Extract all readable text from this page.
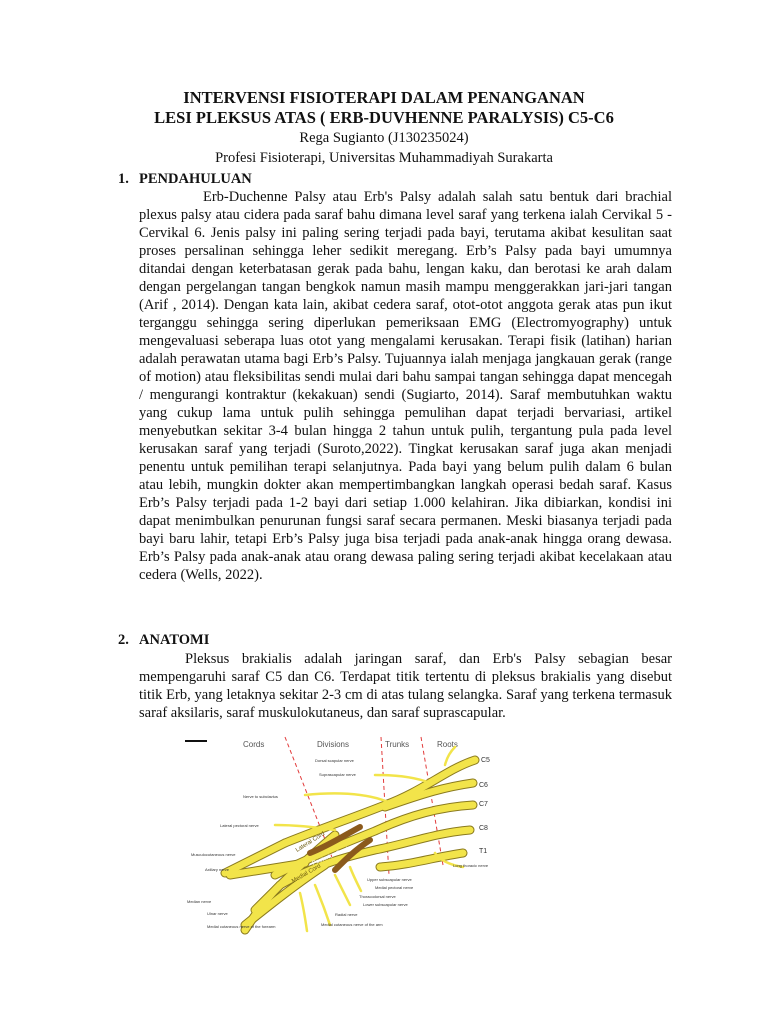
INTERVENSI FISIOTERAPI DALAM PENANGANAN

LESI PLEKSUS ATAS ( ERB-DUVHENNE PARALYSIS) C5-C6

Rega Sugianto (J130235024)

Profesi Fisioterapi, Universitas Muhammadiyah Surakarta

1. PENDAHULUAN

Erb-Duchenne Palsy atau Erb's Palsy adalah salah satu bentuk dari brachial plexus palsy atau cidera pada saraf bahu dimana level saraf yang terkena ialah Cervikal 5 - Cervikal 6. Jenis palsy ini paling sering terjadi pada bayi, terutama akibat kesulitan saat proses persalinan sehingga leher sedikit meregang. Erb’s Palsy pada bayi umumnya ditandai dengan keterbatasan gerak pada bahu, lengan kaku, dan berotasi ke arah dalam dengan pergelangan tangan bengkok namun masih mampu menggerakkan jari-jari tangan (Arif , 2014). Dengan kata lain, akibat cedera saraf, otot-otot anggota gerak atas pun ikut terganggu sehingga sering diperlukan pemeriksaan EMG (Electromyography) untuk mengevaluasi seberapa luas otot yang mengalami kerusakan. Terapi fisik (latihan) harian adalah perawatan utama bagi Erb’s Palsy. Tujuannya ialah menjaga jangkauan gerak (range of motion) atau fleksibilitas sendi mulai dari bahu sampai tangan sehingga dapat mencegah / mengurangi kontraktur (kekakuan) sendi (Sugiarto, 2014). Saraf membutuhkan waktu yang cukup lama untuk pulih sehingga pemulihan dapat terjadi bervariasi, artikel menyebutkan sekitar 3-4 bulan hingga 2 tahun untuk pulih, tergantung pula pada level kerusakan saraf yang terjadi (Suroto,2022). Tingkat kerusakan saraf juga akan menjadi penentu untuk pemilihan terapi selanjutnya. Pada bayi yang belum pulih dalam 6 bulan atau lebih, mungkin dokter akan mempertimbangkan langkah operasi bedah saraf. Kasus Erb’s Palsy terjadi pada 1-2 bayi dari setiap 1.000 kelahiran. Jika dibiarkan, kondisi ini dapat menimbulkan penurunan fungsi saraf secara permanen. Meski biasanya terjadi pada bayi baru lahir, tetapi Erb’s Palsy juga bisa terjadi pada anak-anak hingga orang dewasa. Erb’s Palsy pada anak-anak atau orang dewasa paling sering terjadi akibat kecelakaan atau cedera (Wells, 2022).

2. ANATOMI

Pleksus brakialis adalah jaringan saraf, dan Erb's Palsy sebagian besar mempengaruhi saraf C5 dan C6. Terdapat titik tertentu di pleksus brakialis yang disebut titik Erb, yang letaknya sekitar 2-3 cm di atas tulang selangka. Saraf yang terkena termasuk saraf aksilaris, saraf muskulokutaneus, dan saraf suprascapular.

Cords	Divisions	Trunks	Roots
Lateral Cord
Posterior Cord
Medial Cord
C5
C6
C7
C8
T1
Dorsal scapular nerve
Suprascapular nerve
Nerve to subclavius
Lateral pectoral nerve
Musculocutaneous nerve
Axillary nerve
Median nerve
Ulnar nerve
Medial cutaneous nerve of the forearm
Long thoracic nerve
Upper subscapular nerve
Medial pectoral nerve
Thoracodorsal nerve
Lower subscapular nerve
Radial nerve
Medial cutaneous nerve of the arm
